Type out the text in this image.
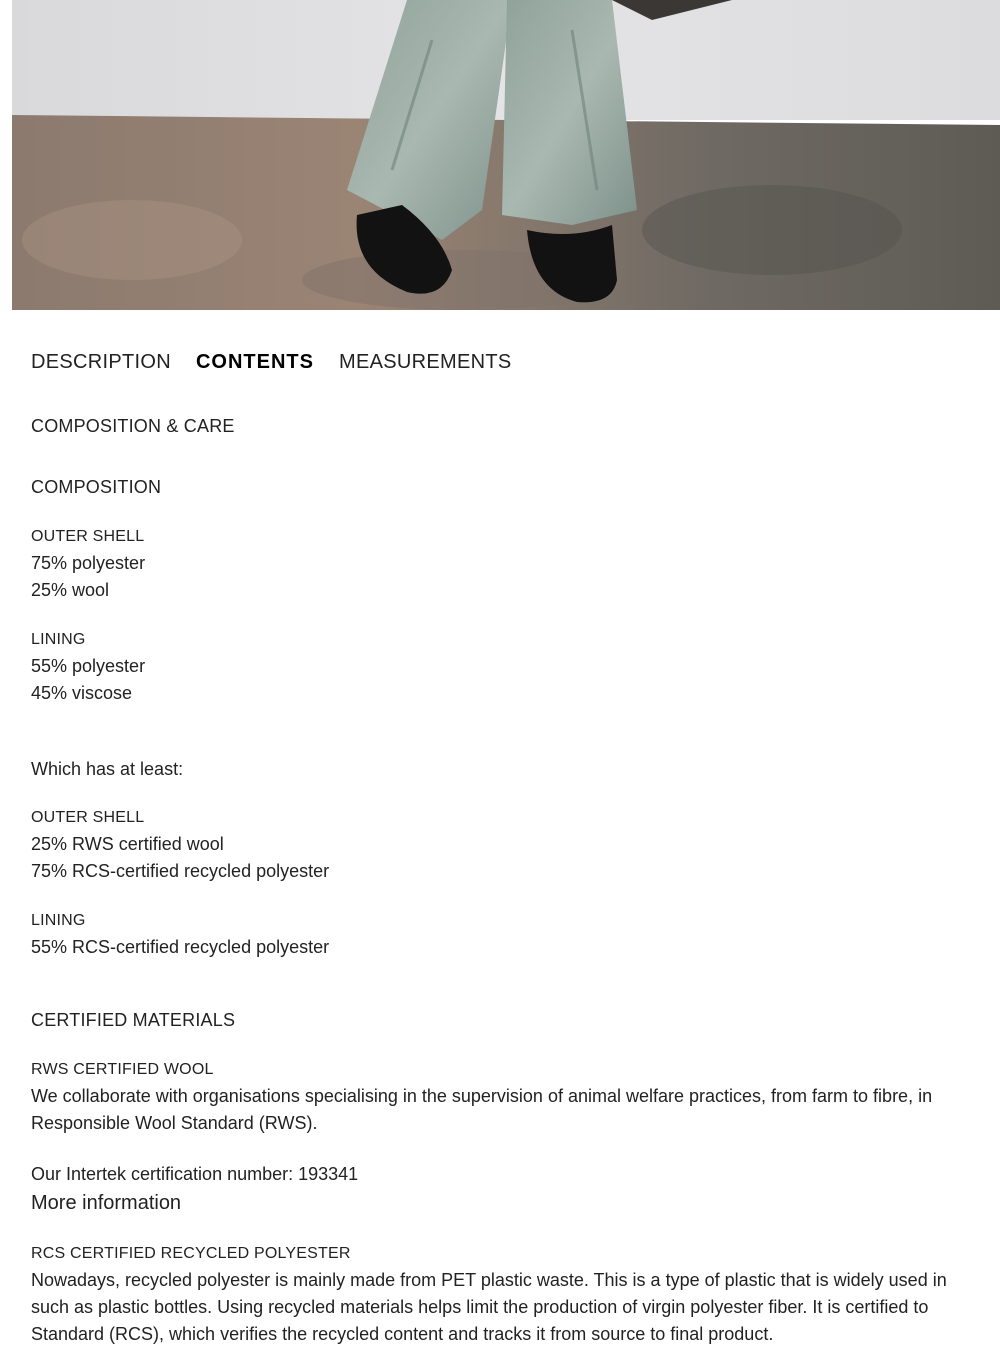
DESCRIPTION CONTENTS MEASUREMENTS
COMPOSITION & CARE
COMPOSITION
OUTER SHELL
75% polyester
25% wool
LINING
55% polyester
45% viscose
Which has at least:
OUTER SHELL
25% RWS certified wool
75% RCS-certified recycled polyester
LINING
55% RCS-certified recycled polyester
CERTIFIED MATERIALS
RWS CERTIFIED WOOL
We collaborate with organisations specialising in the supervision of animal welfare practices, from farm to fibre, in
Responsible Wool Standard (RWS).
Our Intertek certification number: 193341
More information
RCS CERTIFIED RECYCLED POLYESTER
Nowadays, recycled polyester is mainly made from PET plastic waste. This is a type of plastic that is widely used in
such as plastic bottles. Using recycled materials helps limit the production of virgin polyester fiber. It is certified to
Standard (RCS), which verifies the recycled content and tracks it from source to final product.
